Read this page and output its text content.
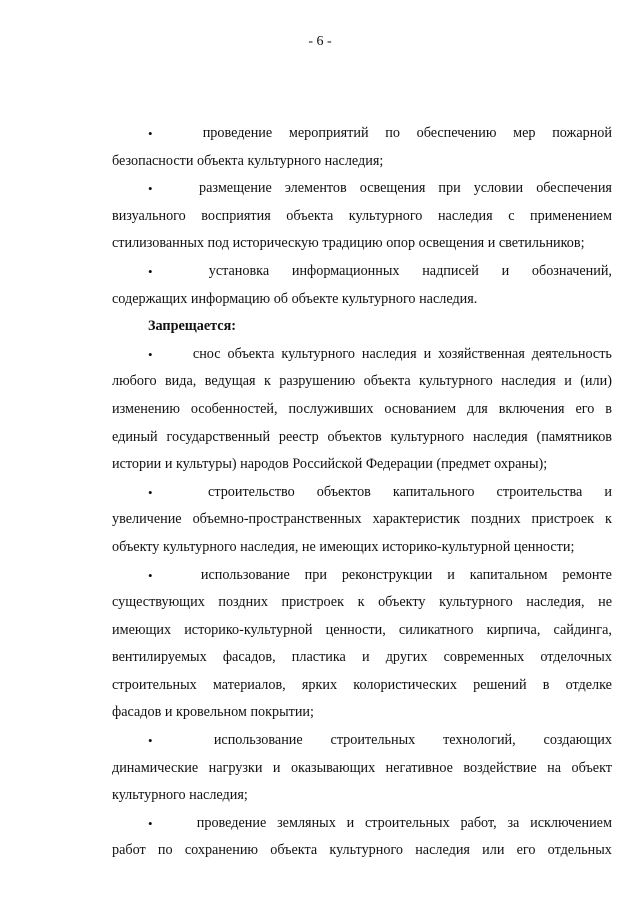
- 6 -
•	проведение мероприятий по обеспечению мер пожарной
безопасности объекта культурного наследия;
•	размещение элементов освещения при условии обеспечения
визуального восприятия объекта культурного наследия с применением
стилизованных под историческую традицию опор освещения и светильников;
•	установка информационных надписей и обозначений,
содержащих информацию об объекте культурного наследия.
Запрещается:
•	снос объекта культурного наследия и хозяйственная деятельность
любого вида, ведущая к разрушению объекта культурного наследия и (или)
изменению особенностей, послуживших основанием для включения его в
единый государственный реестр объектов культурного наследия (памятников
истории и культуры) народов Российской Федерации (предмет охраны);
•	строительство объектов капитального строительства и
увеличение объемно-пространственных характеристик поздних пристроек к
объекту культурного наследия, не имеющих историко-культурной ценности;
•	использование при реконструкции и капитальном ремонте
существующих поздних пристроек к объекту культурного наследия, не
имеющих историко-культурной ценности, силикатного кирпича, сайдинга,
вентилируемых фасадов, пластика и других современных отделочных
строительных материалов, ярких колористических решений в отделке
фасадов и кровельном покрытии;
•	использование строительных технологий, создающих
динамические нагрузки и оказывающих негативное воздействие на объект
культурного наследия;
•	проведение земляных и строительных работ, за исключением
работ по сохранению объекта культурного наследия или его отдельных
